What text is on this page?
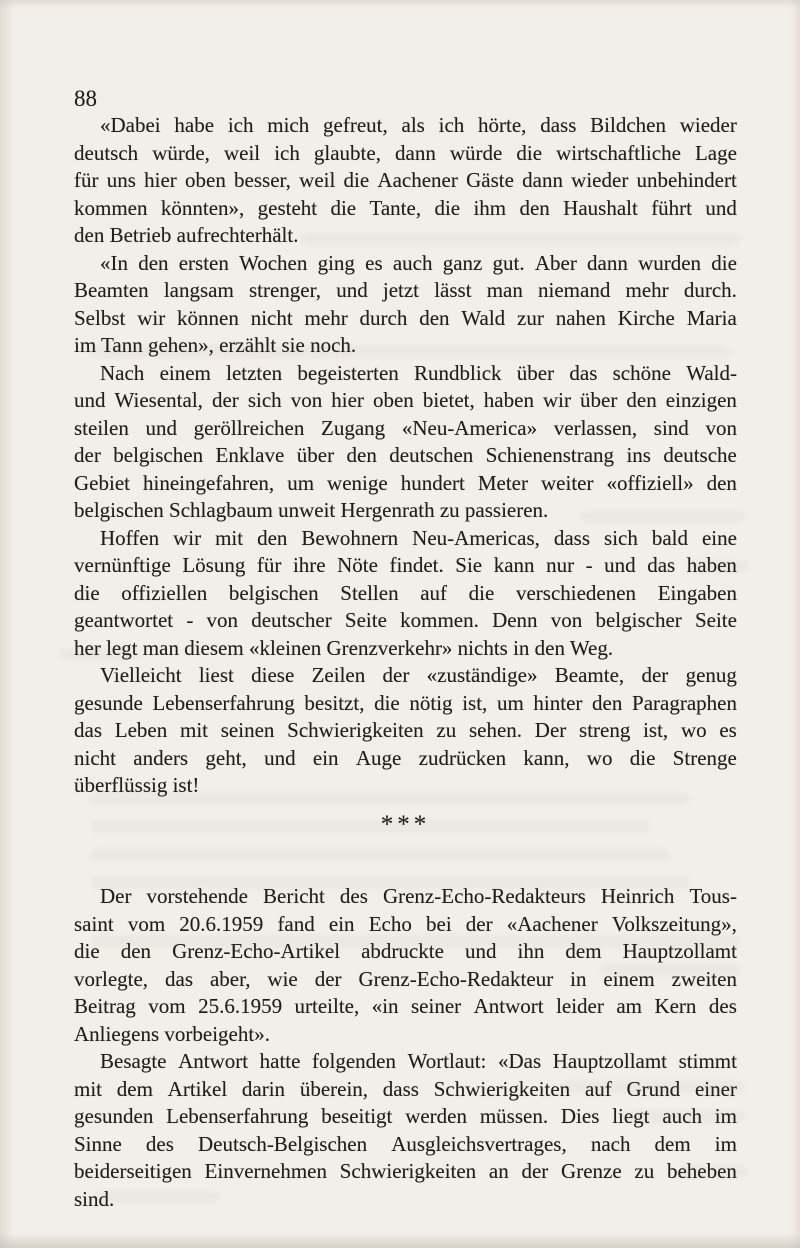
88
«Dabei habe ich mich gefreut, als ich hörte, dass Bildchen wieder
deutsch würde, weil ich glaubte, dann würde die wirtschaftliche Lage
für uns hier oben besser, weil die Aachener Gäste dann wieder unbehindert
kommen könnten», gesteht die Tante, die ihm den Haushalt führt und
den Betrieb aufrechterhält.
«In den ersten Wochen ging es auch ganz gut. Aber dann wurden die
Beamten langsam strenger, und jetzt lässt man niemand mehr durch.
Selbst wir können nicht mehr durch den Wald zur nahen Kirche Maria
im Tann gehen», erzählt sie noch.
Nach einem letzten begeisterten Rundblick über das schöne Wald-
und Wiesental, der sich von hier oben bietet, haben wir über den einzigen
steilen und geröllreichen Zugang «Neu-America» verlassen, sind von
der belgischen Enklave über den deutschen Schienenstrang ins deutsche
Gebiet hineingefahren, um wenige hundert Meter weiter «offiziell» den
belgischen Schlagbaum unweit Hergenrath zu passieren.
Hoffen wir mit den Bewohnern Neu-Americas, dass sich bald eine
vernünftige Lösung für ihre Nöte findet. Sie kann nur - und das haben
die offiziellen belgischen Stellen auf die verschiedenen Eingaben
geantwortet - von deutscher Seite kommen. Denn von belgischer Seite
her legt man diesem «kleinen Grenzverkehr» nichts in den Weg.
Vielleicht liest diese Zeilen der «zuständige» Beamte, der genug
gesunde Lebenserfahrung besitzt, die nötig ist, um hinter den Paragraphen
das Leben mit seinen Schwierigkeiten zu sehen. Der streng ist, wo es
nicht anders geht, und ein Auge zudrücken kann, wo die Strenge
überflüssig ist!
***
Der vorstehende Bericht des Grenz-Echo-Redakteurs Heinrich Tous-
saint vom 20.6.1959 fand ein Echo bei der «Aachener Volkszeitung»,
die den Grenz-Echo-Artikel abdruckte und ihn dem Hauptzollamt
vorlegte, das aber, wie der Grenz-Echo-Redakteur in einem zweiten
Beitrag vom 25.6.1959 urteilte, «in seiner Antwort leider am Kern des
Anliegens vorbeigeht».
Besagte Antwort hatte folgenden Wortlaut: «Das Hauptzollamt stimmt
mit dem Artikel darin überein, dass Schwierigkeiten auf Grund einer
gesunden Lebenserfahrung beseitigt werden müssen. Dies liegt auch im
Sinne des Deutsch-Belgischen Ausgleichsvertrages, nach dem im
beiderseitigen Einvernehmen Schwierigkeiten an der Grenze zu beheben
sind.
